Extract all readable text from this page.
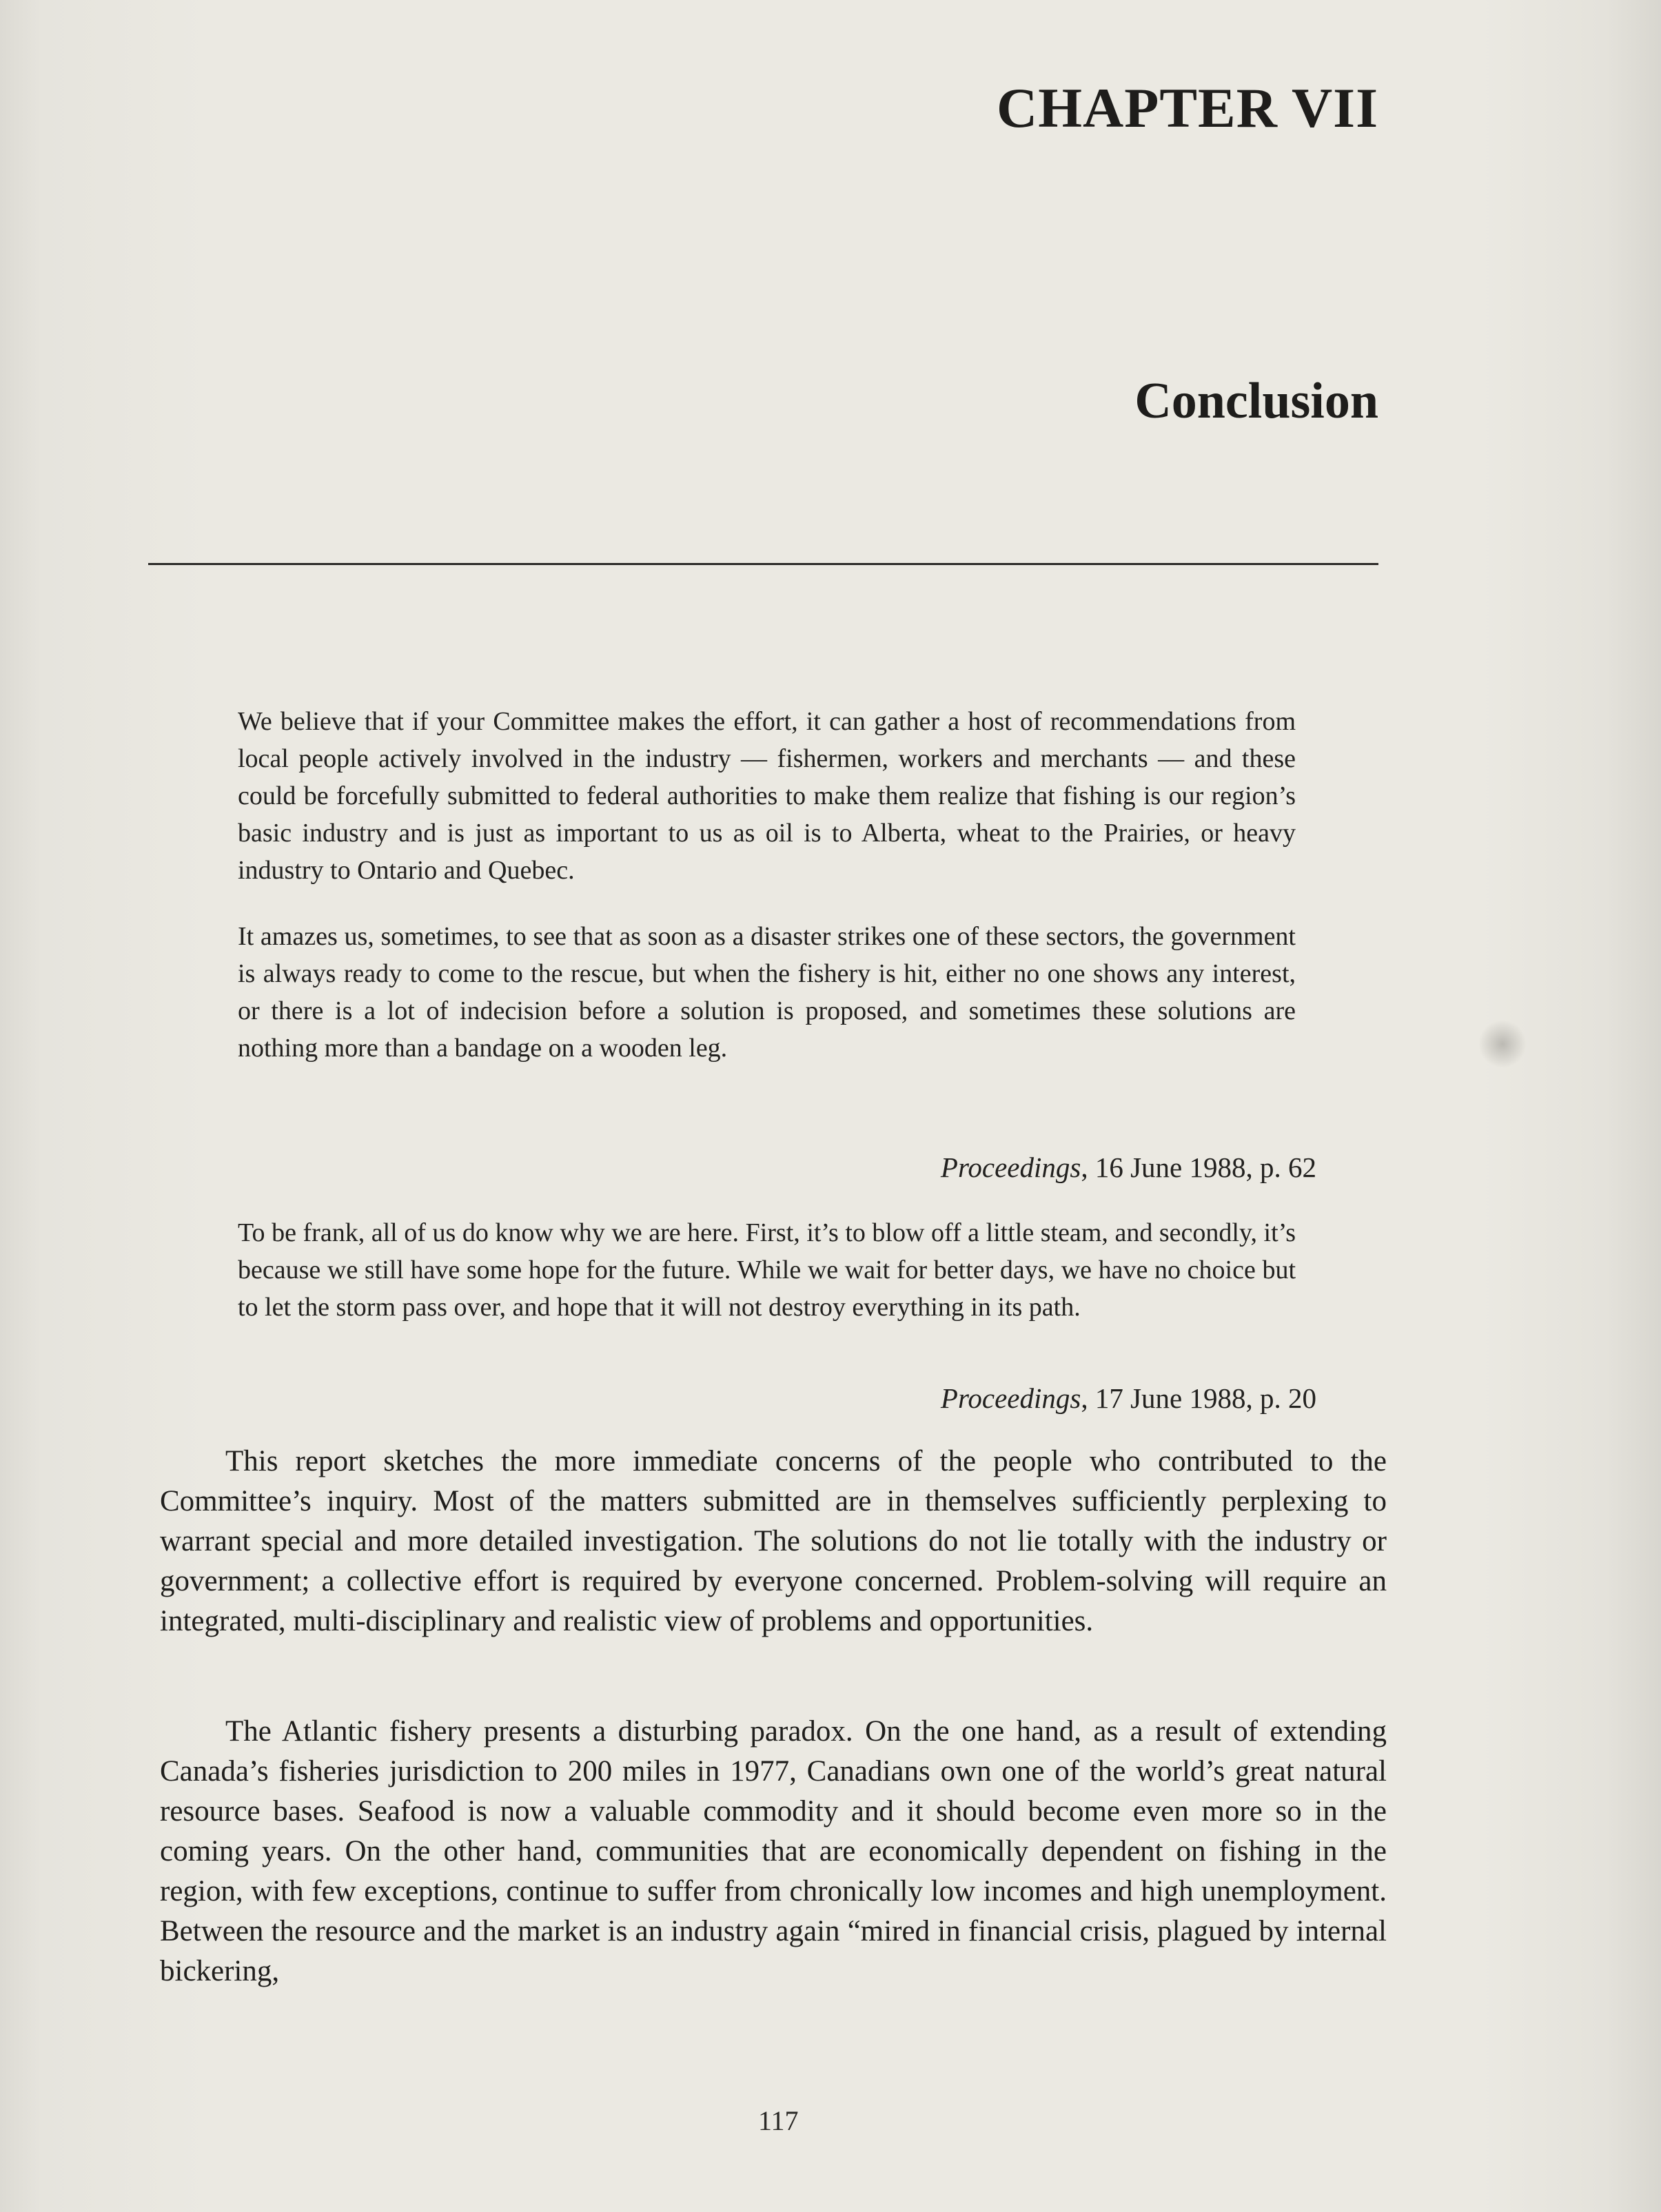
CHAPTER VII
Conclusion

We believe that if your Committee makes the effort, it can gather a host of recommendations from local people actively involved in the industry — fishermen, workers and merchants — and these could be forcefully submitted to federal authorities to make them realize that fishing is our region’s basic industry and is just as important to us as oil is to Alberta, wheat to the Prairies, or heavy industry to Ontario and Quebec.

It amazes us, sometimes, to see that as soon as a disaster strikes one of these sectors, the government is always ready to come to the rescue, but when the fishery is hit, either no one shows any interest, or there is a lot of indecision before a solution is proposed, and sometimes these solutions are nothing more than a bandage on a wooden leg.

Proceedings, 16 June 1988, p. 62

To be frank, all of us do know why we are here. First, it’s to blow off a little steam, and secondly, it’s because we still have some hope for the future. While we wait for better days, we have no choice but to let the storm pass over, and hope that it will not destroy everything in its path.

Proceedings, 17 June 1988, p. 20

This report sketches the more immediate concerns of the people who contributed to the Committee’s inquiry. Most of the matters submitted are in themselves sufficiently perplexing to warrant special and more detailed investigation. The solutions do not lie totally with the industry or government; a collective effort is required by everyone concerned. Problem-solving will require an integrated, multi-disciplinary and realistic view of problems and opportunities.

The Atlantic fishery presents a disturbing paradox. On the one hand, as a result of extending Canada’s fisheries jurisdiction to 200 miles in 1977, Canadians own one of the world’s great natural resource bases. Seafood is now a valuable commodity and it should become even more so in the coming years. On the other hand, communities that are economically dependent on fishing in the region, with few exceptions, continue to suffer from chronically low incomes and high unemployment. Between the resource and the market is an industry again “mired in financial crisis, plagued by internal bickering,

117
